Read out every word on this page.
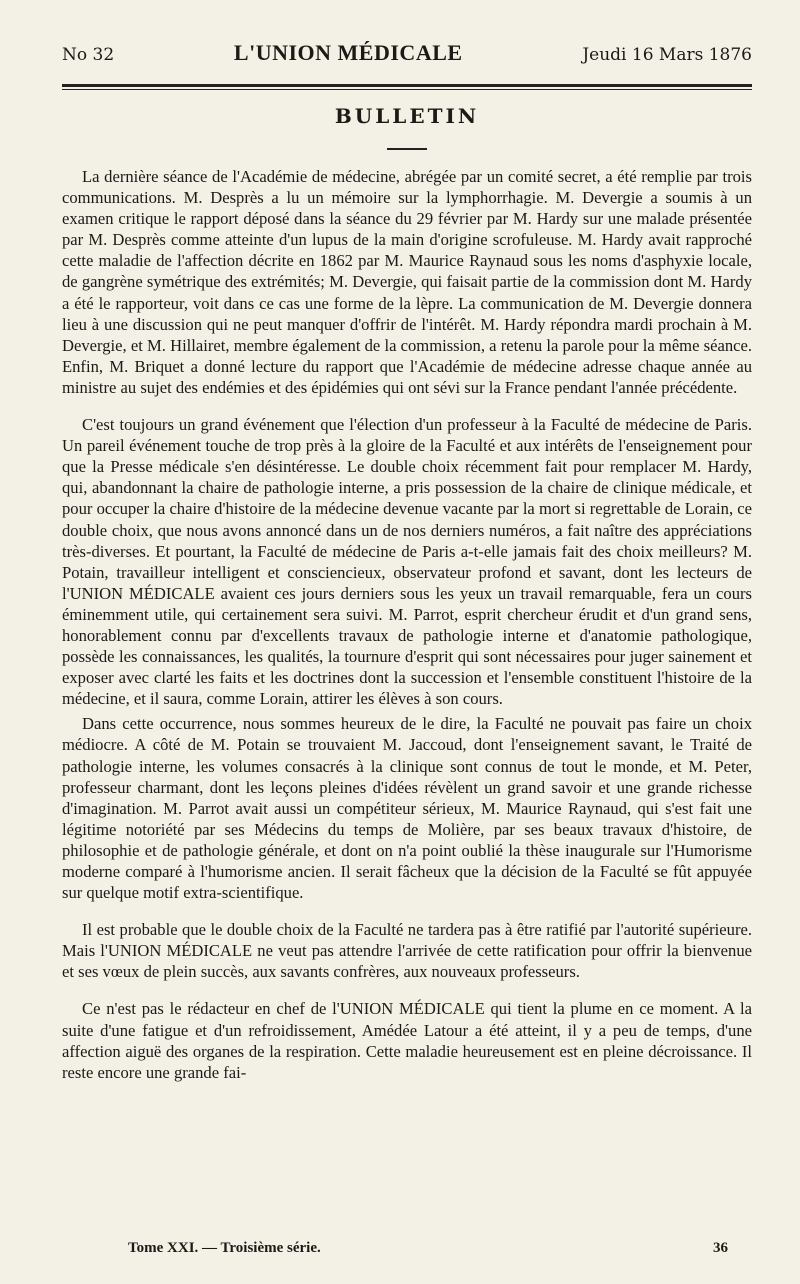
No 32	L'UNION MÉDICALE	Jeudi 16 Mars 1876
BULLETIN

La dernière séance de l'Académie de médecine, abrégée par un comité secret, a été remplie par trois communications. M. Desprès a lu un mémoire sur la lymphorrhagie. M. Devergie a soumis à un examen critique le rapport déposé dans la séance du 29 février par M. Hardy sur une malade présentée par M. Desprès comme atteinte d'un lupus de la main d'origine scrofuleuse. M. Hardy avait rapproché cette maladie de l'affection décrite en 1862 par M. Maurice Raynaud sous les noms d'asphyxie locale, de gangrène symétrique des extrémités; M. Devergie, qui faisait partie de la commission dont M. Hardy a été le rapporteur, voit dans ce cas une forme de la lèpre. La communication de M. Devergie donnera lieu à une discussion qui ne peut manquer d'offrir de l'intérêt. M. Hardy répondra mardi prochain à M. Devergie, et M. Hillairet, membre également de la commission, a retenu la parole pour la même séance. Enfin, M. Briquet a donné lecture du rapport que l'Académie de médecine adresse chaque année au ministre au sujet des endémies et des épidémies qui ont sévi sur la France pendant l'année précédente.

C'est toujours un grand événement que l'élection d'un professeur à la Faculté de médecine de Paris. Un pareil événement touche de trop près à la gloire de la Faculté et aux intérêts de l'enseignement pour que la Presse médicale s'en désintéresse. Le double choix récemment fait pour remplacer M. Hardy, qui, abandonnant la chaire de pathologie interne, a pris possession de la chaire de clinique médicale, et pour occuper la chaire d'histoire de la médecine devenue vacante par la mort si regrettable de Lorain, ce double choix, que nous avons annoncé dans un de nos derniers numéros, a fait naître des appréciations très-diverses. Et pourtant, la Faculté de médecine de Paris a-t-elle jamais fait des choix meilleurs? M. Potain, travailleur intelligent et consciencieux, observateur profond et savant, dont les lecteurs de l'UNION MÉDICALE avaient ces jours derniers sous les yeux un travail remarquable, fera un cours éminemment utile, qui certainement sera suivi. M. Parrot, esprit chercheur érudit et d'un grand sens, honorablement connu par d'excellents travaux de pathologie interne et d'anatomie pathologique, possède les connaissances, les qualités, la tournure d'esprit qui sont nécessaires pour juger sainement et exposer avec clarté les faits et les doctrines dont la succession et l'ensemble constituent l'histoire de la médecine, et il saura, comme Lorain, attirer les élèves à son cours.

Dans cette occurrence, nous sommes heureux de le dire, la Faculté ne pouvait pas faire un choix médiocre. A côté de M. Potain se trouvaient M. Jaccoud, dont l'enseignement savant, le Traité de pathologie interne, les volumes consacrés à la clinique sont connus de tout le monde, et M. Peter, professeur charmant, dont les leçons pleines d'idées révèlent un grand savoir et une grande richesse d'imagination. M. Parrot avait aussi un compétiteur sérieux, M. Maurice Raynaud, qui s'est fait une légitime notoriété par ses Médecins du temps de Molière, par ses beaux travaux d'histoire, de philosophie et de pathologie générale, et dont on n'a point oublié la thèse inaugurale sur l'Humorisme moderne comparé à l'humorisme ancien. Il serait fâcheux que la décision de la Faculté se fût appuyée sur quelque motif extra-scientifique.

Il est probable que le double choix de la Faculté ne tardera pas à être ratifié par l'autorité supérieure. Mais l'UNION MÉDICALE ne veut pas attendre l'arrivée de cette ratification pour offrir la bienvenue et ses vœux de plein succès, aux savants confrères, aux nouveaux professeurs.

Ce n'est pas le rédacteur en chef de l'UNION MÉDICALE qui tient la plume en ce moment. A la suite d'une fatigue et d'un refroidissement, Amédée Latour a été atteint, il y a peu de temps, d'une affection aiguë des organes de la respiration. Cette maladie heureusement est en pleine décroissance. Il reste encore une grande fai-

Tome XXI. — Troisième série.	36
